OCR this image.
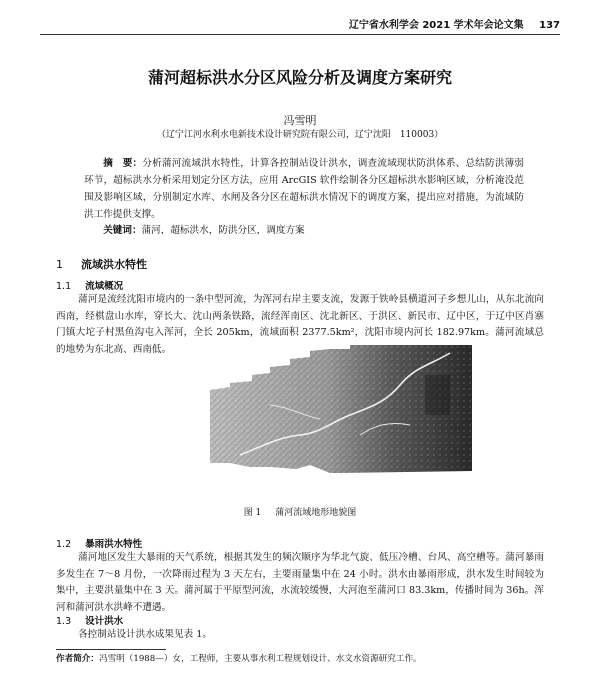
辽宁省水利学会 2021 学术年会论文集 137
蒲河超标洪水分区风险分析及调度方案研究
冯雪明
（辽宁江河水利水电新技术设计研究院有限公司，辽宁沈阳　110003）
摘　要：分析蒲河流域洪水特性，计算各控制站设计洪水，调查流域现状防洪体系、总结防洪薄弱环节，超标洪水分析采用划定分区方法，应用 ArcGIS 软件绘制各分区超标洪水影响区域，分析淹没范围及影响区域，分别制定水库、水闸及各分区在超标洪水情况下的调度方案，提出应对措施，为流域防洪工作提供支撑。
关键词：蒲河，超标洪水，防洪分区，调度方案
1 流域洪水特性
1.1 流域概况
蒲河是流经沈阳市境内的一条中型河流，为浑河右岸主要支流，发源于铁岭县横道河子乡想儿山，从东北流向西南，经棋盘山水库，穿长大、沈山两条铁路，流经浑南区、沈北新区、于洪区、新民市、辽中区，于辽中区肖寨门镇大坨子村黑鱼沟屯入浑河，全长 205km，流域面积 2377.5km²，沈阳市境内河长 182.97km。蒲河流域总的地势为东北高、西南低。
图 1 蒲河流域地形地貌图
1.2 暴雨洪水特性
蒲河地区发生大暴雨的天气系统，根据其发生的频次顺序为华北气旋、低压冷槽、台风、高空槽等。蒲河暴雨多发生在 7～8 月份，一次降雨过程为 3 天左右，主要雨量集中在 24 小时。洪水由暴雨形成，洪水发生时间较为集中，主要洪量集中在 3 天。蒲河属于平原型河流，水流较缓慢，大河泡至蒲河口 83.3km，传播时间为 36h。浑河和蒲河洪水洪峰不遭遇。
1.3 设计洪水
各控制站设计洪水成果见表 1。
作者简介：冯雪明（1988—）女，工程师，主要从事水利工程规划设计、水文水资源研究工作。
